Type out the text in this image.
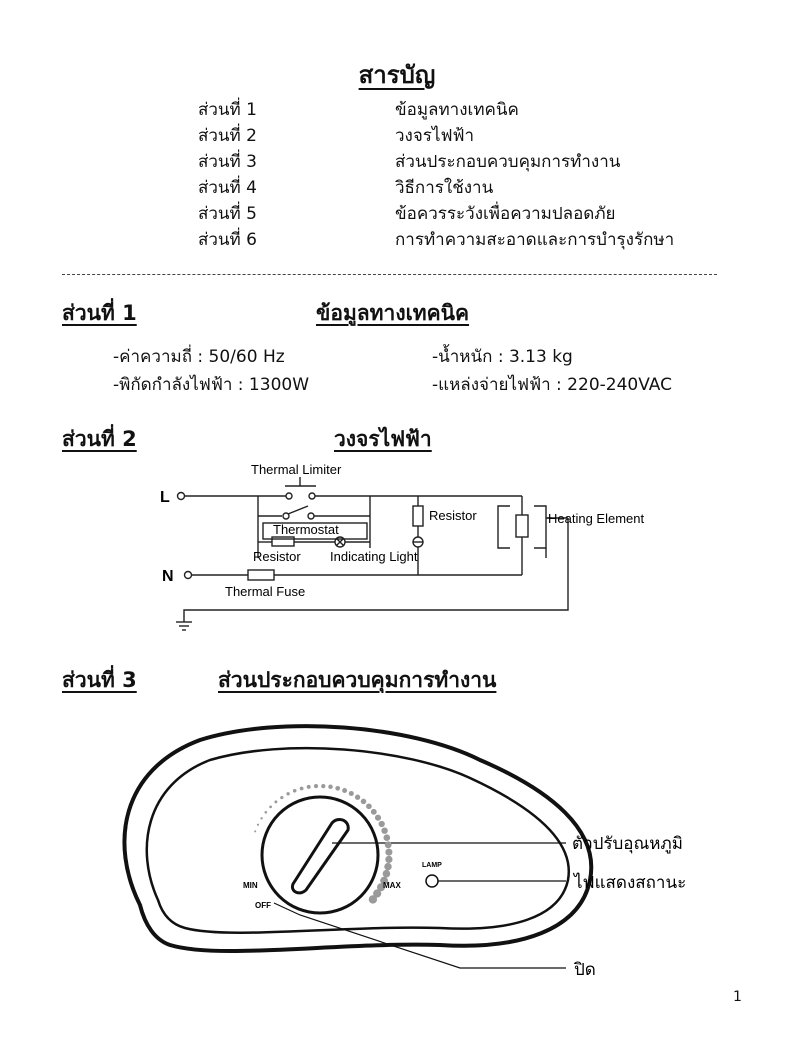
สารบัญ
ส่วนที่ 1	ข้อมูลทางเทคนิค
ส่วนที่ 2	วงจรไฟฟ้า
ส่วนที่ 3	ส่วนประกอบควบคุมการทำงาน
ส่วนที่ 4	วิธีการใช้งาน
ส่วนที่ 5	ข้อควรระวังเพื่อความปลอดภัย
ส่วนที่ 6	การทำความสะอาดและการบำรุงรักษา
ส่วนที่ 1	ข้อมูลทางเทคนิค
-ค่าความถี่ : 50/60 Hz	-น้ำหนัก : 3.13 kg
-พิกัดกำลังไฟฟ้า : 1300W	-แหล่งจ่ายไฟฟ้า : 220-240VAC
ส่วนที่ 2	วงจรไฟฟ้า
L
N
Thermal Limiter
Thermostat
Resistor Indicating Light
Resistor	Heating Element
Thermal Fuse
ส่วนที่ 3	ส่วนประกอบควบคุมการทำงาน
MIN	MAX
OFF
LAMP
ตัวปรับอุณหภูมิ
ไฟแสดงสถานะ
ปิด
1
